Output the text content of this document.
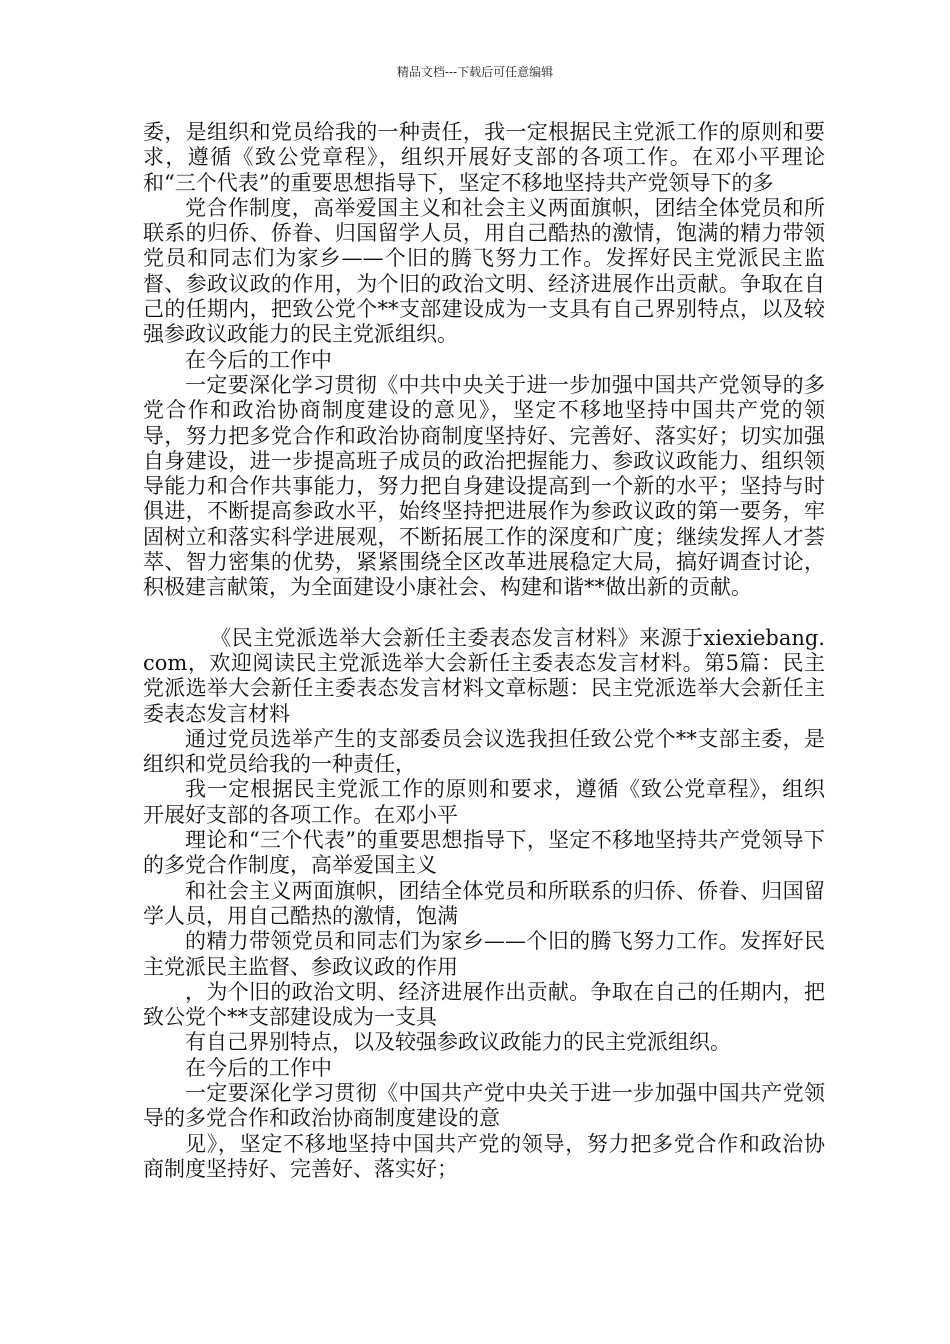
精品文档---下载后可任意编辑

委，是组织和党员给我的一种责任，我一定根据民主党派工作的原则和要求，遵循《致公党章程》，组织开展好支部的各项工作。在邓小平理论和“三个代表”的重要思想指导下，坚定不移地坚持共产党领导下的多

党合作制度，高举爱国主义和社会主义两面旗帜，团结全体党员和所联系的归侨、侨眷、归国留学人员，用自己酷热的激情，饱满的精力带领党员和同志们为家乡——个旧的腾飞努力工作。发挥好民主党派民主监督、参政议政的作用，为个旧的政治文明、经济进展作出贡献。争取在自己的任期内，把致公党个**支部建设成为一支具有自己界别特点，以及较强参政议政能力的民主党派组织。

在今后的工作中

一定要深化学习贯彻《中共中央关于进一步加强中国共产党领导的多党合作和政治协商制度建设的意见》，坚定不移地坚持中国共产党的领导，努力把多党合作和政治协商制度坚持好、完善好、落实好；切实加强自身建设，进一步提高班子成员的政治把握能力、参政议政能力、组织领导能力和合作共事能力，努力把自身建设提高到一个新的水平；坚持与时俱进，不断提高参政水平，始终坚持把进展作为参政议政的第一要务，牢固树立和落实科学进展观，不断拓展工作的深度和广度；继续发挥人才荟萃、智力密集的优势，紧紧围绕全区改革进展稳定大局，搞好调查讨论，积极建言献策，为全面建设小康社会、构建和谐**做出新的贡献。

《民主党派选举大会新任主委表态发言材料》来源于xiexiebang.com，欢迎阅读民主党派选举大会新任主委表态发言材料。第5篇：民主党派选举大会新任主委表态发言材料文章标题：民主党派选举大会新任主委表态发言材料

通过党员选举产生的支部委员会议选我担任致公党个**支部主委，是组织和党员给我的一种责任，

我一定根据民主党派工作的原则和要求，遵循《致公党章程》，组织开展好支部的各项工作。在邓小平

理论和“三个代表”的重要思想指导下，坚定不移地坚持共产党领导下的多党合作制度，高举爱国主义

和社会主义两面旗帜，团结全体党员和所联系的归侨、侨眷、归国留学人员，用自己酷热的激情，饱满

的精力带领党员和同志们为家乡——个旧的腾飞努力工作。发挥好民主党派民主监督、参政议政的作用

，为个旧的政治文明、经济进展作出贡献。争取在自己的任期内，把致公党个**支部建设成为一支具

有自己界别特点，以及较强参政议政能力的民主党派组织。

在今后的工作中

一定要深化学习贯彻《中国共产党中央关于进一步加强中国共产党领导的多党合作和政治协商制度建设的意

见》，坚定不移地坚持中国共产党的领导，努力把多党合作和政治协商制度坚持好、完善好、落实好；
